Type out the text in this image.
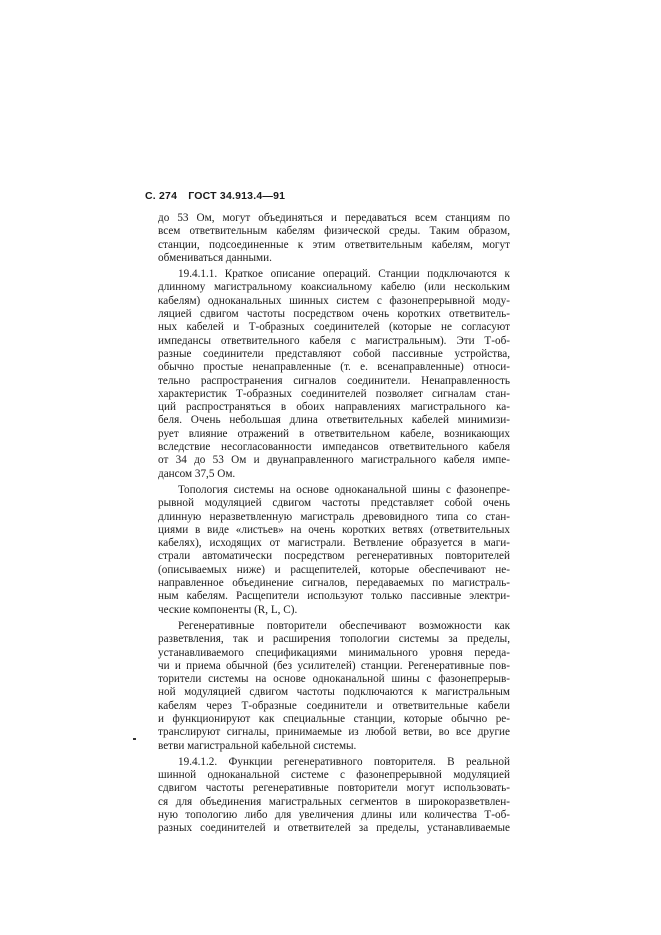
С. 274 ГОСТ 34.913.4—91
до 53 Ом, могут объединяться и передаваться всем станциям по
всем ответвительным кабелям физической среды. Таким образом,
станции, подсоединенные к этим ответвительным кабелям, могут
обмениваться данными.
19.4.1.1. Краткое описание операций. Станции подключаются к
длинному магистральному коаксиальному кабелю (или нескольким
кабелям) одноканальных шинных систем с фазонепрерывной моду-
ляцией сдвигом частоты посредством очень коротких ответвитель-
ных кабелей и Т-образных соединителей (которые не согласуют
импедансы ответвительного кабеля с магистральным). Эти Т-об-
разные соединители представляют собой пассивные устройства,
обычно простые ненаправленные (т. е. всенаправленные) относи-
тельно распространения сигналов соединители. Ненаправленность
характеристик Т-образных соединителей позволяет сигналам стан-
ций распространяться в обоих направлениях магистрального ка-
беля. Очень небольшая длина ответвительных кабелей минимизи-
рует влияние отражений в ответвительном кабеле, возникающих
вследствие несогласованности импедансов ответвительного кабеля
от 34 до 53 Ом и двунаправленного магистрального кабеля импе-
дансом 37,5 Ом.
Топология системы на основе одноканальной шины с фазонепре-
рывной модуляцией сдвигом частоты представляет собой очень
длинную неразветвленную магистраль древовидного типа со стан-
циями в виде «листьев» на очень коротких ветвях (ответвительных
кабелях), исходящих от магистрали. Ветвление образуется в маги-
страли автоматически посредством регенеративных повторителей
(описываемых ниже) и расщепителей, которые обеспечивают не-
направленное объединение сигналов, передаваемых по магистраль-
ным кабелям. Расщепители используют только пассивные электри-
ческие компоненты (R, L, C).
Регенеративные повторители обеспечивают возможности как
разветвления, так и расширения топологии системы за пределы,
устанавливаемого спецификациями минимального уровня переда-
чи и приема обычной (без усилителей) станции. Регенеративные пов-
торители системы на основе одноканальной шины с фазонепрерыв-
ной модуляцией сдвигом частоты подключаются к магистральным
кабелям через Т-образные соединители и ответвительные кабели
и функционируют как специальные станции, которые обычно ре-
транслируют сигналы, принимаемые из любой ветви, во все другие
ветви магистральной кабельной системы.
19.4.1.2. Функции регенеративного повторителя. В реальной
шинной одноканальной системе с фазонепрерывной модуляцией
сдвигом частоты регенеративные повторители могут использовать-
ся для объединения магистральных сегментов в широкоразветвлен-
ную топологию либо для увеличения длины или количества Т-об-
разных соединителей и ответвителей за пределы, устанавливаемые
